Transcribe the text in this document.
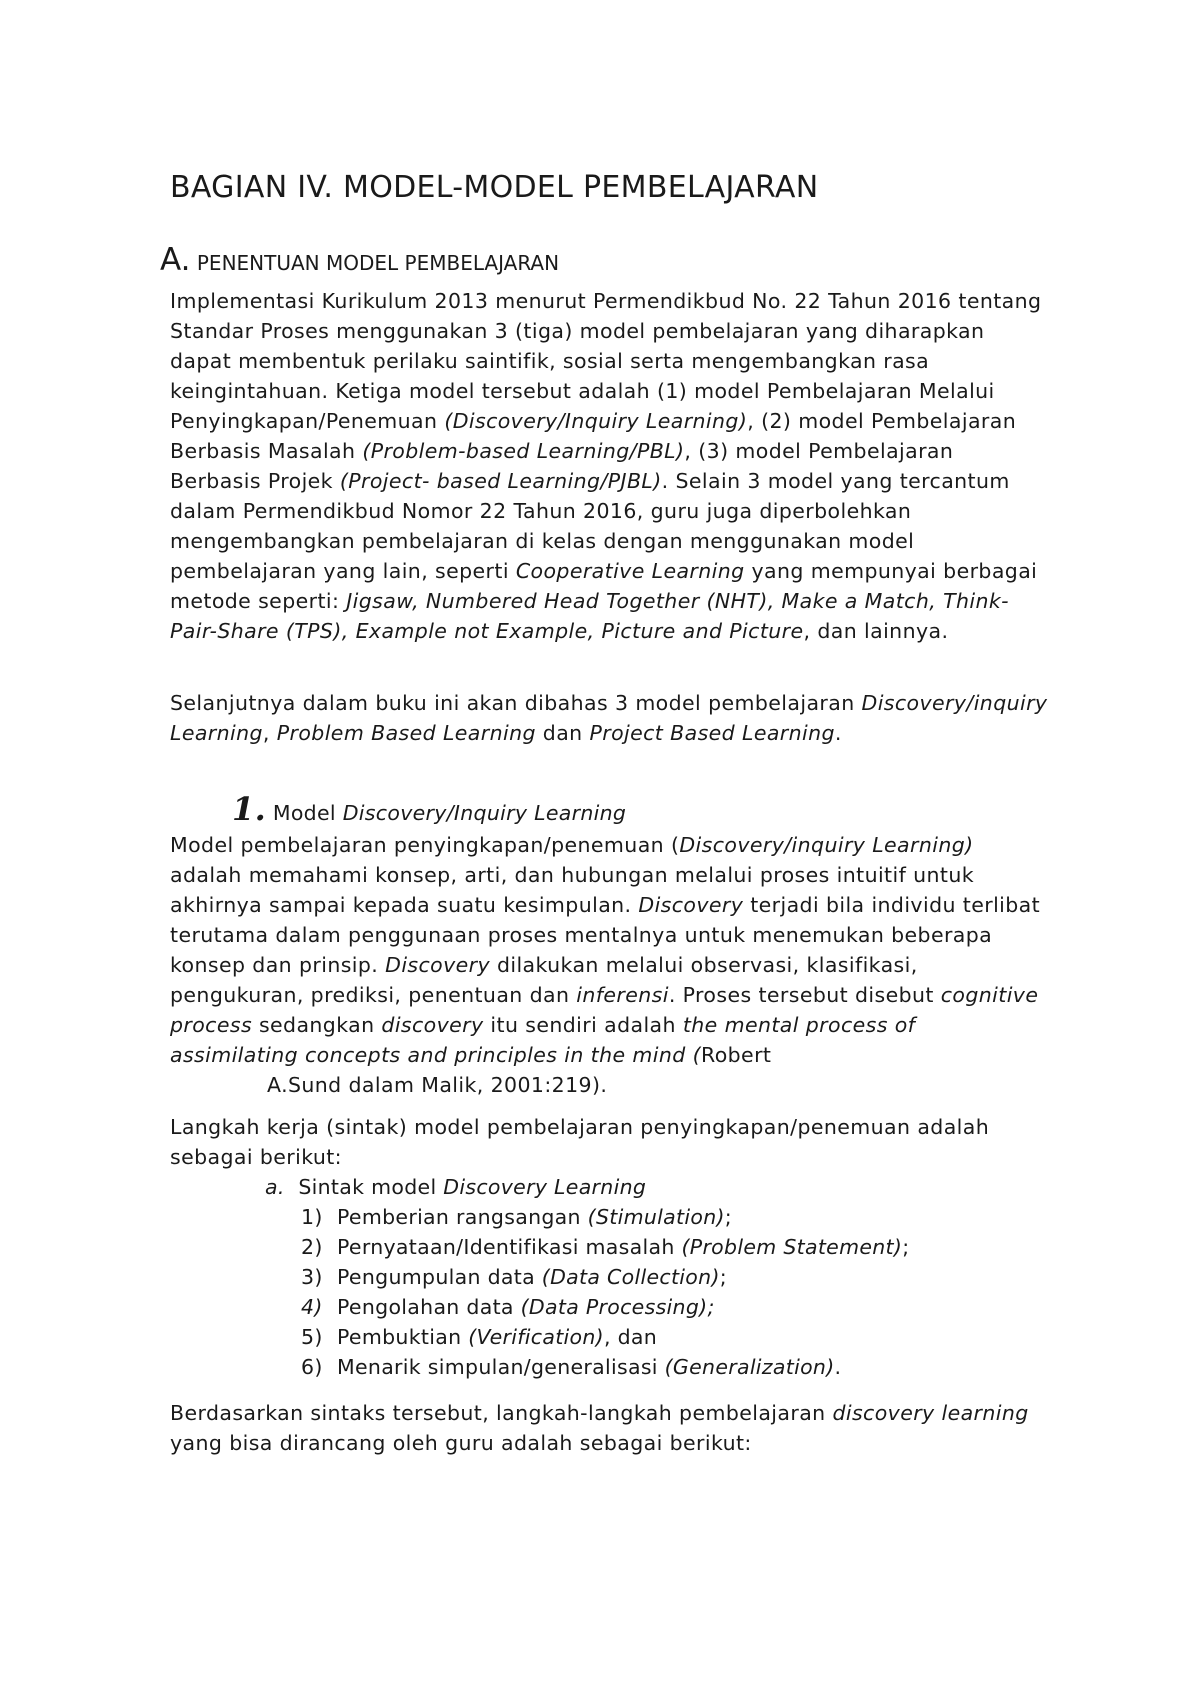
BAGIAN IV. MODEL-MODEL PEMBELAJARAN
A. PENENTUAN MODEL PEMBELAJARAN
Implementasi Kurikulum 2013 menurut Permendikbud No. 22 Tahun 2016 tentang Standar Proses menggunakan 3 (tiga) model pembelajaran yang diharapkan dapat membentuk perilaku saintifik, sosial serta mengembangkan rasa keingintahuan. Ketiga model tersebut adalah (1) model Pembelajaran Melalui Penyingkapan/Penemuan (Discovery/Inquiry Learning), (2) model Pembelajaran Berbasis Masalah (Problem-based Learning/PBL), (3) model Pembelajaran Berbasis Projek (Project- based Learning/PJBL). Selain 3 model yang tercantum dalam Permendikbud Nomor 22 Tahun 2016, guru juga diperbolehkan mengembangkan pembelajaran di kelas dengan menggunakan model pembelajaran yang lain, seperti Cooperative Learning yang mempunyai berbagai metode seperti: Jigsaw, Numbered Head Together (NHT), Make a Match, Think-Pair-Share (TPS), Example not Example, Picture and Picture, dan lainnya.
Selanjutnya dalam buku ini akan dibahas 3 model pembelajaran Discovery/inquiry Learning, Problem Based Learning dan Project Based Learning.
1. Model Discovery/Inquiry Learning
Model pembelajaran penyingkapan/penemuan (Discovery/inquiry Learning) adalah memahami konsep, arti, dan hubungan melalui proses intuitif untuk akhirnya sampai kepada suatu kesimpulan. Discovery terjadi bila individu terlibat terutama dalam penggunaan proses mentalnya untuk menemukan beberapa konsep dan prinsip. Discovery dilakukan melalui observasi, klasifikasi, pengukuran, prediksi, penentuan dan inferensi. Proses tersebut disebut cognitive process sedangkan discovery itu sendiri adalah the mental process of assimilating concepts and principles in the mind (Robert
A.Sund dalam Malik, 2001:219).
Langkah kerja (sintak) model pembelajaran penyingkapan/penemuan adalah sebagai berikut:
a. Sintak model Discovery Learning
1) Pemberian rangsangan (Stimulation);
2) Pernyataan/Identifikasi masalah (Problem Statement);
3) Pengumpulan data (Data Collection);
4) Pengolahan data (Data Processing);
5) Pembuktian (Verification), dan
6) Menarik simpulan/generalisasi (Generalization).
Berdasarkan sintaks tersebut, langkah-langkah pembelajaran discovery learning yang bisa dirancang oleh guru adalah sebagai berikut:
